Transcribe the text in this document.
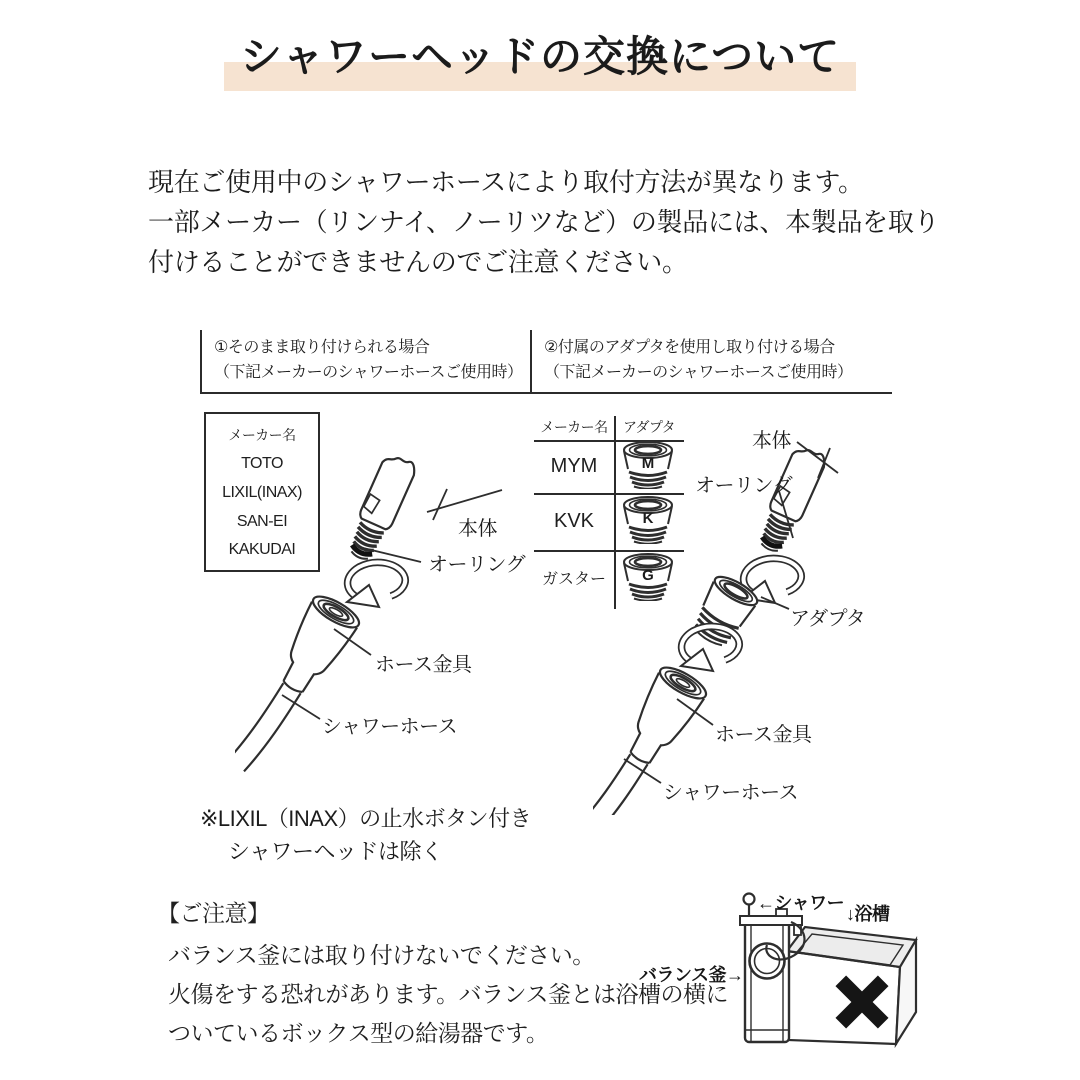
シャワーヘッドの交換について
現在ご使用中のシャワーホースにより取付方法が異なります。
一部メーカー（リンナイ、ノーリツなど）の製品には、本製品を取り
付けることができませんのでご注意ください。
①そのまま取り付けられる場合
（下記メーカーのシャワーホースご使用時）
②付属のアダプタを使用し取り付ける場合
（下記メーカーのシャワーホースご使用時）
メーカー名
TOTO
LIXIL(INAX)
SAN-EI
KAKUDAI
メーカー名	アダプタ
MYM
KVK
ガスター
M
K
G
本体
オーリング
ホース金具
シャワーホース
本体
オーリング
アダプタ
ホース金具
シャワーホース
※LIXIL（INAX）の止水ボタン付き
シャワーヘッドは除く
【ご注意】
バランス釜には取り付けないでください。
火傷をする恐れがあります。バランス釜とは浴槽の横に
ついているボックス型の給湯器です。
←シャワー
↓浴槽
バランス釜→
